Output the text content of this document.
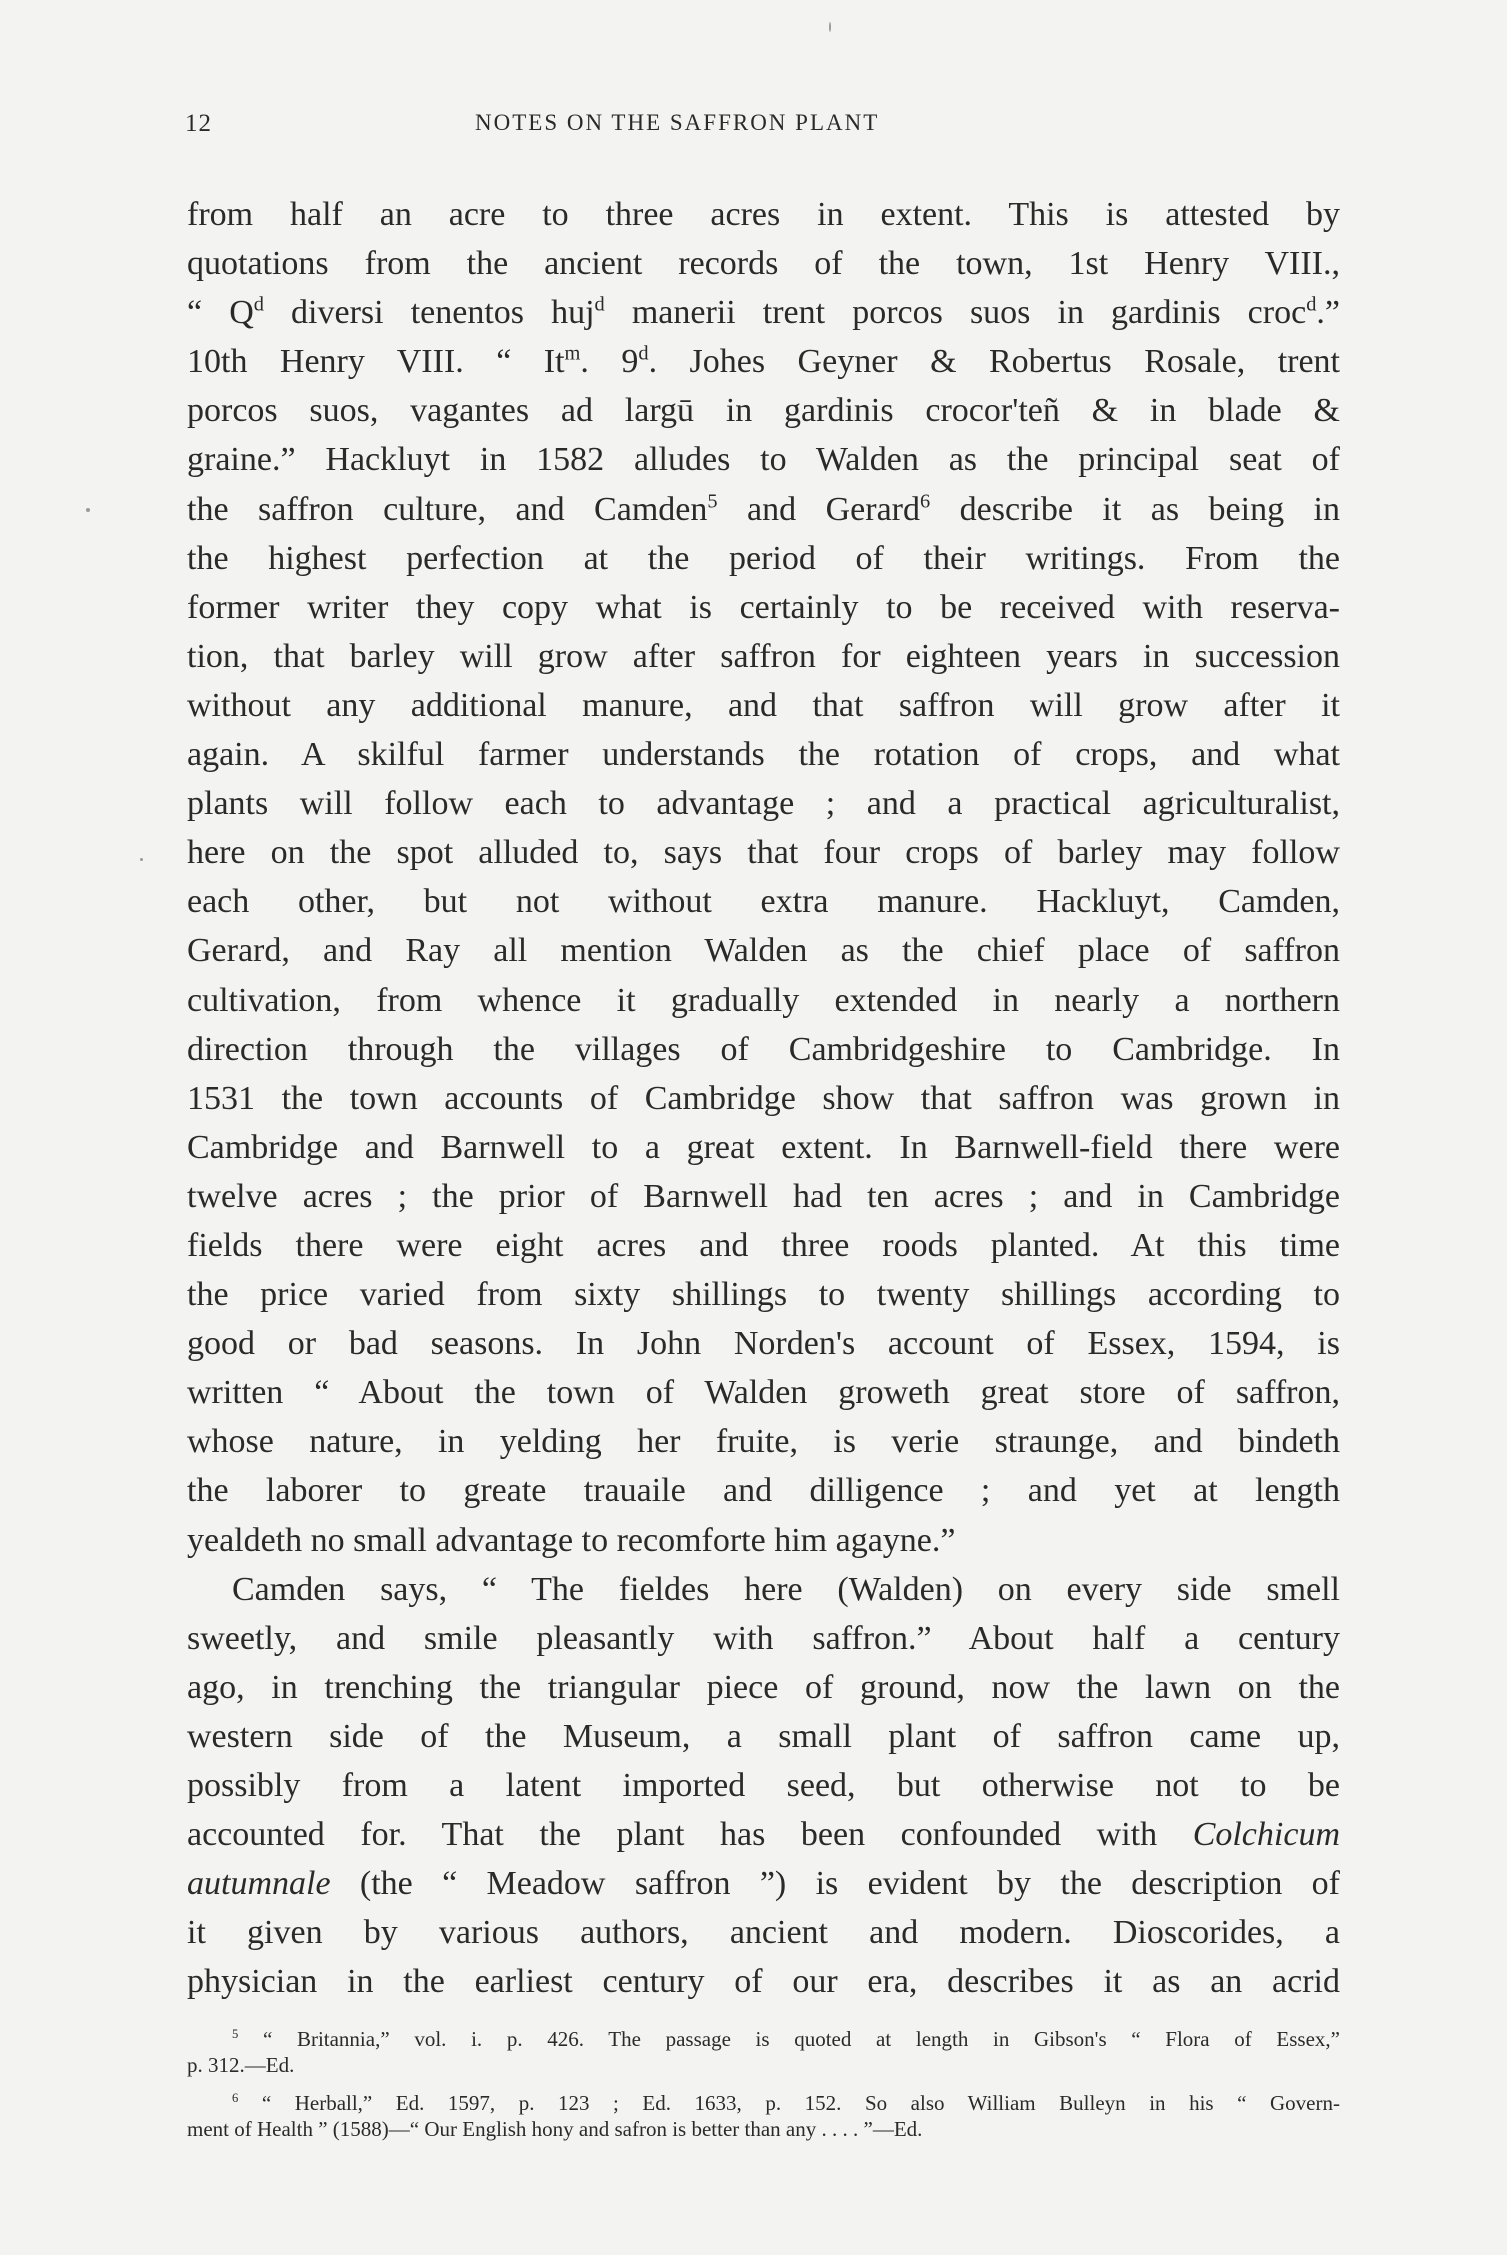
12	NOTES ON THE SAFFRON PLANT
from half an acre to three acres in extent. This is attested by
quotations from the ancient records of the town, 1st Henry VIII.,
“ $Q^d$ diversi tenentos huj$^d$ manerii trent porcos suos in gardinis croc$^d$.”
10th Henry VIII. “ It$^m$. 9$^d$. Johes Geyner & Robertus Rosale, trent
porcos suos, vagantes ad largū in gardinis crocor'teñ & in blade &
graine.” Hackluyt in 1582 alludes to Walden as the principal seat of
the saffron culture, and Camden$^5$ and Gerard$^6$ describe it as being in
the highest perfection at the period of their writings. From the
former writer they copy what is certainly to be received with reserva-
tion, that barley will grow after saffron for eighteen years in succession
without any additional manure, and that saffron will grow after it
again. A skilful farmer understands the rotation of crops, and what
plants will follow each to advantage ; and a practical agriculturalist,
here on the spot alluded to, says that four crops of barley may follow
each other, but not without extra manure. Hackluyt, Camden,
Gerard, and Ray all mention Walden as the chief place of saffron
cultivation, from whence it gradually extended in nearly a northern
direction through the villages of Cambridgeshire to Cambridge. In
1531 the town accounts of Cambridge show that saffron was grown in
Cambridge and Barnwell to a great extent. In Barnwell-field there were
twelve acres ; the prior of Barnwell had ten acres ; and in Cambridge
fields there were eight acres and three roods planted. At this time
the price varied from sixty shillings to twenty shillings according to
good or bad seasons. In John Norden's account of Essex, 1594, is
written “ About the town of Walden groweth great store of saffron,
whose nature, in yelding her fruite, is verie straunge, and bindeth
the laborer to greate trauaile and dilligence ; and yet at length
yealdeth no small advantage to recomforte him agayne.”
Camden says, “ The fieldes here (Walden) on every side smell
sweetly, and smile pleasantly with saffron.” About half a century
ago, in trenching the triangular piece of ground, now the lawn on the
western side of the Museum, a small plant of saffron came up,
possibly from a latent imported seed, but otherwise not to be
accounted for. That the plant has been confounded with Colchicum
autumnale (the “ Meadow saffron ”) is evident by the description of
it given by various authors, ancient and modern. Dioscorides, a
physician in the earliest century of our era, describes it as an acrid
$^5$ “ Britannia,” vol. i. p. 426. The passage is quoted at length in Gibson's “ Flora of Essex,”
p. 312.—Ed.
$^6$ “ Herball,” Ed. 1597, p. 123 ; Ed. 1633, p. 152. So also William Bulleyn in his “ Govern-
ment of Health ” (1588)—“ Our English hony and safron is better than any . . . . ”—Ed.
